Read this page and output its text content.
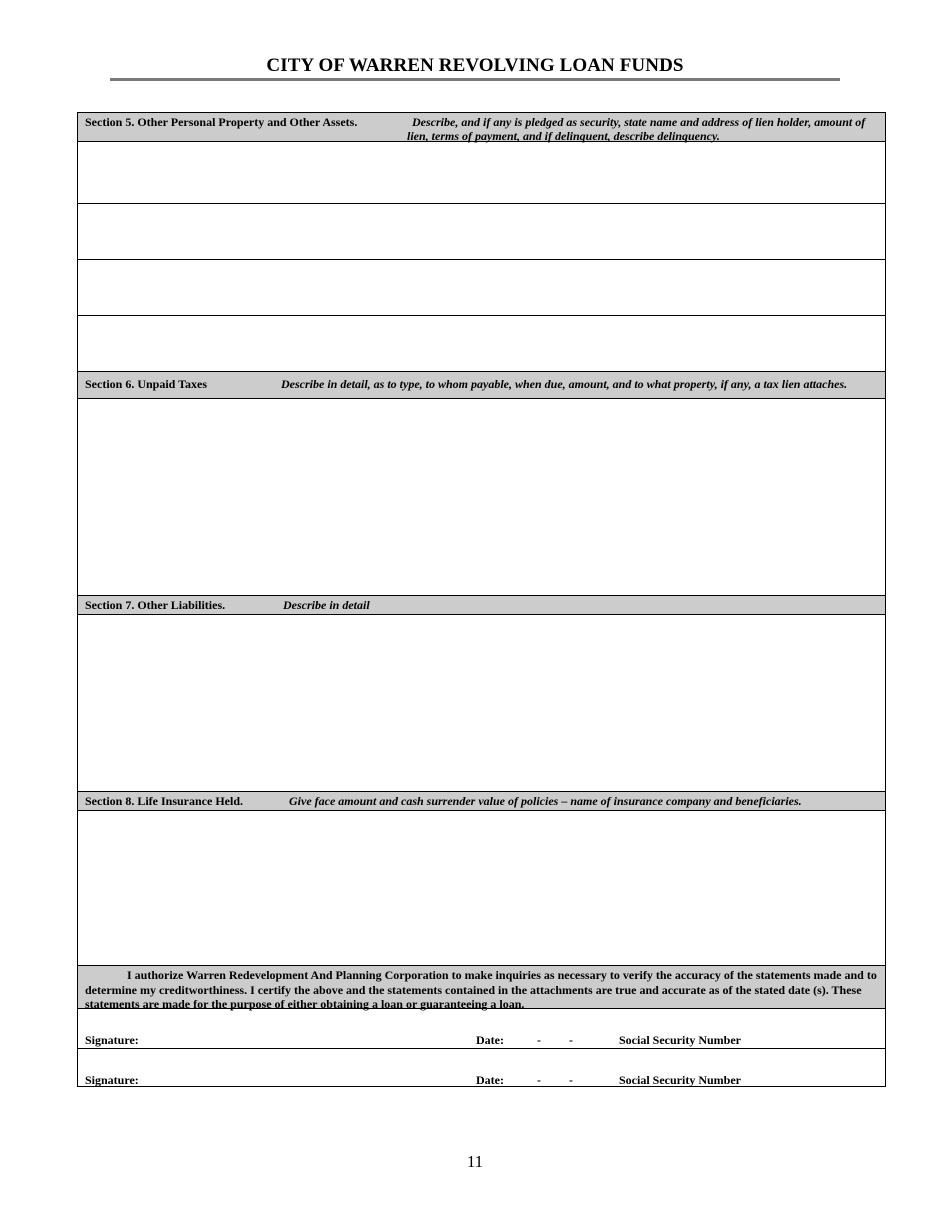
CITY OF WARREN REVOLVING LOAN FUNDS
Section 5. Other Personal Property and Other Assets.	Describe, and if any is pledged as security, state name and address of lien holder, amount of lien, terms of payment, and if delinquent, describe delinquency.
Section 6. Unpaid Taxes	Describe in detail, as to type, to whom payable, when due, amount, and to what property, if any, a tax lien attaches.
Section 7. Other Liabilities.	Describe in detail
Section 8. Life Insurance Held.	Give face amount and cash surrender value of policies – name of insurance company and beneficiaries.
I authorize Warren Redevelopment And Planning Corporation to make inquiries as necessary to verify the accuracy of the statements made and to determine my creditworthiness. I certify the above and the statements contained in the attachments are true and accurate as of the stated date (s). These statements are made for the purpose of either obtaining a loan or guaranteeing a loan.
Signature:	Date:	- -	Social Security Number
Signature:	Date:	- -	Social Security Number
11
